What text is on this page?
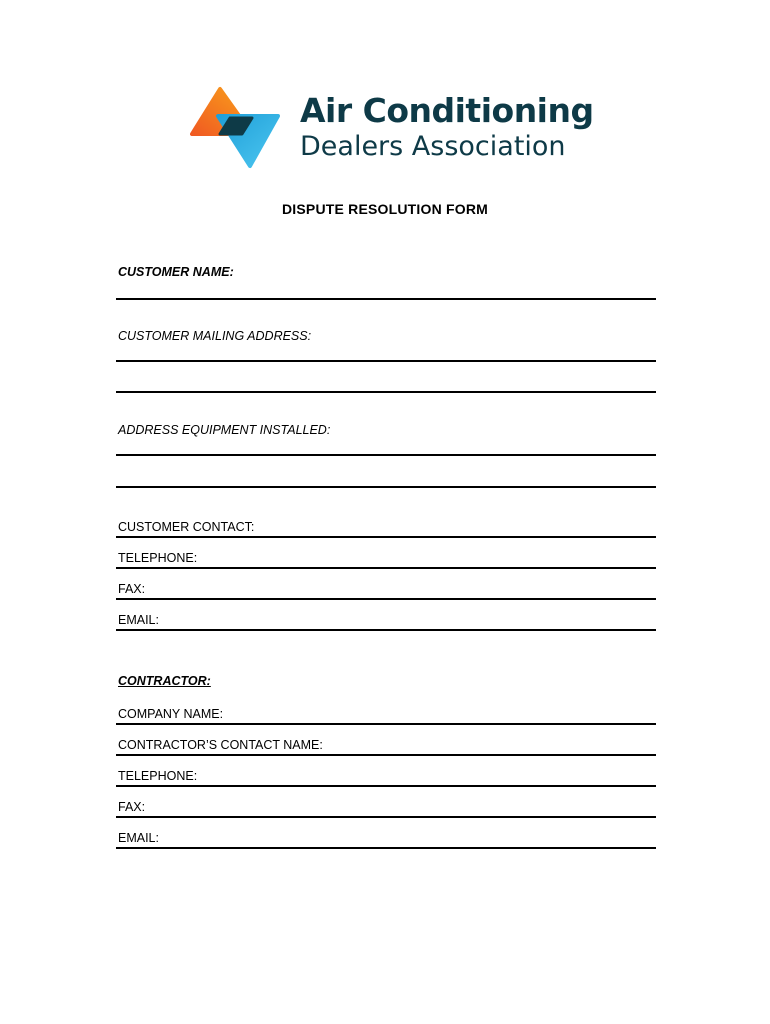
Air Conditioning
Dealers Association
DISPUTE RESOLUTION FORM
CUSTOMER NAME:
CUSTOMER MAILING ADDRESS:
ADDRESS EQUIPMENT INSTALLED:
CUSTOMER CONTACT:
TELEPHONE:
FAX:
EMAIL:
CONTRACTOR:
COMPANY NAME:
CONTRACTOR’S CONTACT NAME:
TELEPHONE:
FAX:
EMAIL:
